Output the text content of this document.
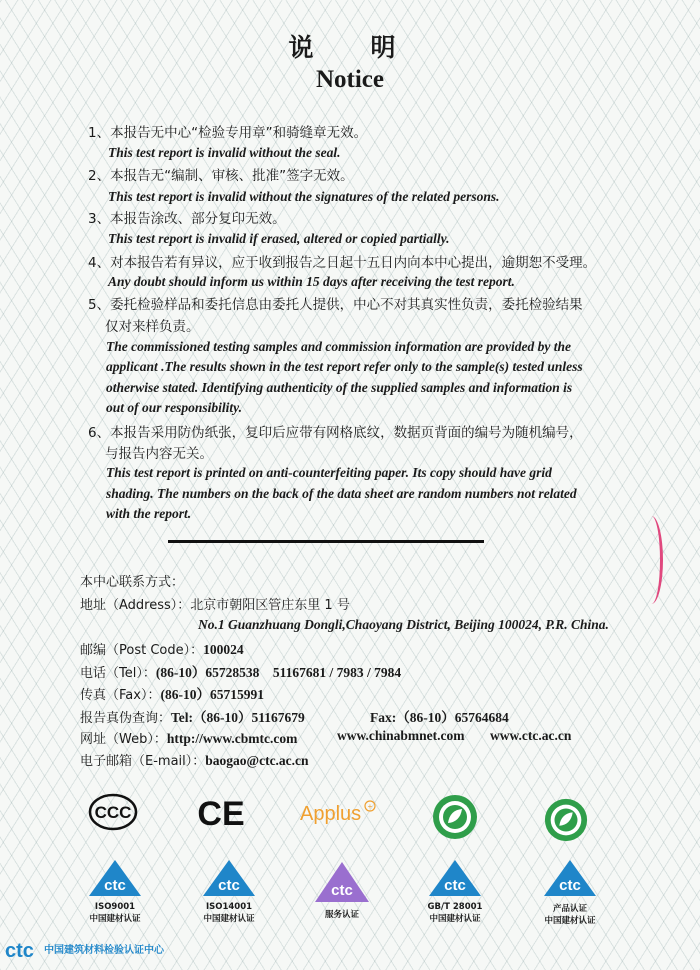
说　明
Notice
1、本报告无中心“检验专用章”和骑缝章无效。
This test report is invalid without the seal.
2、本报告无“编制、审核、批准”签字无效。
This test report is invalid without the signatures of the related persons.
3、本报告涂改、部分复印无效。
This test report is invalid if erased, altered or copied partially.
4、对本报告若有异议，应于收到报告之日起十五日内向本中心提出，逾期恕不受理。
Any doubt should inform us within 15 days after receiving the test report.
5、委托检验样品和委托信息由委托人提供，中心不对其真实性负责，委托检验结果
仅对来样负责。
The commissioned testing samples and commission information are provided by the
applicant .The results shown in the test report refer only to the sample(s) tested unless
otherwise stated. Identifying authenticity of the supplied samples and information is
out of our responsibility.
6、本报告采用防伪纸张，复印后应带有网格底纹，数据页背面的编号为随机编号，
与报告内容无关。
This test report is printed on anti-counterfeiting paper. Its copy should have grid
shading. The numbers on the back of the data sheet are random numbers not related
with the report.
本中心联系方式：
地址（Address）：北京市朝阳区管庄东里 1 号
No.1 Guanzhuang Dongli,Chaoyang District, Beijing 100024, P.R. China.
邮编（Post Code）：100024
电话（Tel）：(86-10）65728538　51167681 / 7983 / 7984
传真（Fax）：(86-10）65715991
报告真伪查询：Tel:（86-10）51167679	Fax:（86-10）65764684
网址（Web）：http://www.cbmtc.com	www.chinabmnet.com www.ctc.ac.cn
电子邮箱（E-mail）：baogao@ctc.ac.cn
CCC CE	Applus +
ctc
ISO9001
中国建材认证
ctc
ISO14001
中国建材认证
ctc
服务认证
ctc
GB/T 28001
中国建材认证
ctc
产品认证
中国建材认证
ctc 中国建筑材料检验认证中心
